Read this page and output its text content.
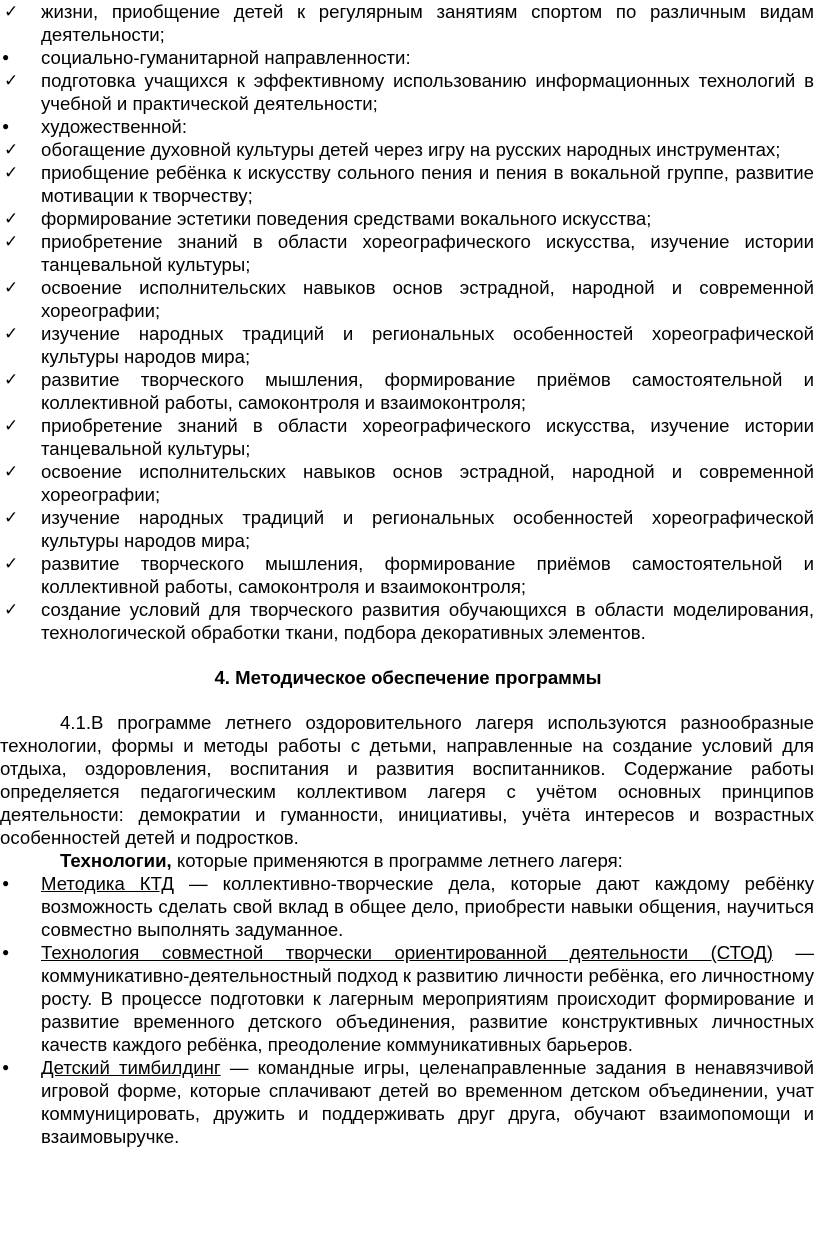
✓	жизни, приобщение детей к регулярным занятиям спортом по различным видам деятельности;
●	социально-гуманитарной направленности:
✓	подготовка учащихся к эффективному использованию информационных технологий в учебной и практической деятельности;
●	художественной:
✓	обогащение духовной культуры детей через игру на русских народных инструментах;
✓	приобщение ребёнка к искусству сольного пения и пения в вокальной группе, развитие мотивации к творчеству;
✓	формирование эстетики поведения средствами вокального искусства;
✓	приобретение знаний в области хореографического искусства, изучение истории танцевальной культуры;
✓	освоение исполнительских навыков основ эстрадной, народной и современной хореографии;
✓	изучение народных традиций и региональных особенностей хореографической культуры народов мира;
✓	развитие творческого мышления, формирование приёмов самостоятельной и коллективной работы, самоконтроля и взаимоконтроля;
✓	приобретение знаний в области хореографического искусства, изучение истории танцевальной культуры;
✓	освоение исполнительских навыков основ эстрадной, народной и современной хореографии;
✓	изучение народных традиций и региональных особенностей хореографической культуры народов мира;
✓	развитие творческого мышления, формирование приёмов самостоятельной и коллективной работы, самоконтроля и взаимоконтроля;
✓	создание условий для творческого развития обучающихся в области моделирования, технологической обработки ткани, подбора декоративных элементов.
4. Методическое обеспечение программы
4.1.В программе летнего оздоровительного лагеря используются разнообразные технологии, формы и методы работы с детьми, направленные на создание условий для отдыха, оздоровления, воспитания и развития воспитанников. Содержание работы определяется педагогическим коллективом лагеря с учётом основных принципов деятельности: демократии и гуманности, инициативы, учёта интересов и возрастных особенностей детей и подростков.
Технологии, которые применяются в программе летнего лагеря:
●	Методика КТД — коллективно-творческие дела, которые дают каждому ребёнку возможность сделать свой вклад в общее дело, приобрести навыки общения, научиться совместно выполнять задуманное.
●	Технология совместной творчески ориентированной деятельности (СТОД) — коммуникативно-деятельностный подход к развитию личности ребёнка, его личностному росту. В процессе подготовки к лагерным мероприятиям происходит формирование и развитие временного детского объединения, развитие конструктивных личностных качеств каждого ребёнка, преодоление коммуникативных барьеров.
●	Детский тимбилдинг — командные игры, целенаправленные задания в ненавязчивой игровой форме, которые сплачивают детей во временном детском объединении, учат коммуницировать, дружить и поддерживать друг друга, обучают взаимопомощи и взаимовыручке.
